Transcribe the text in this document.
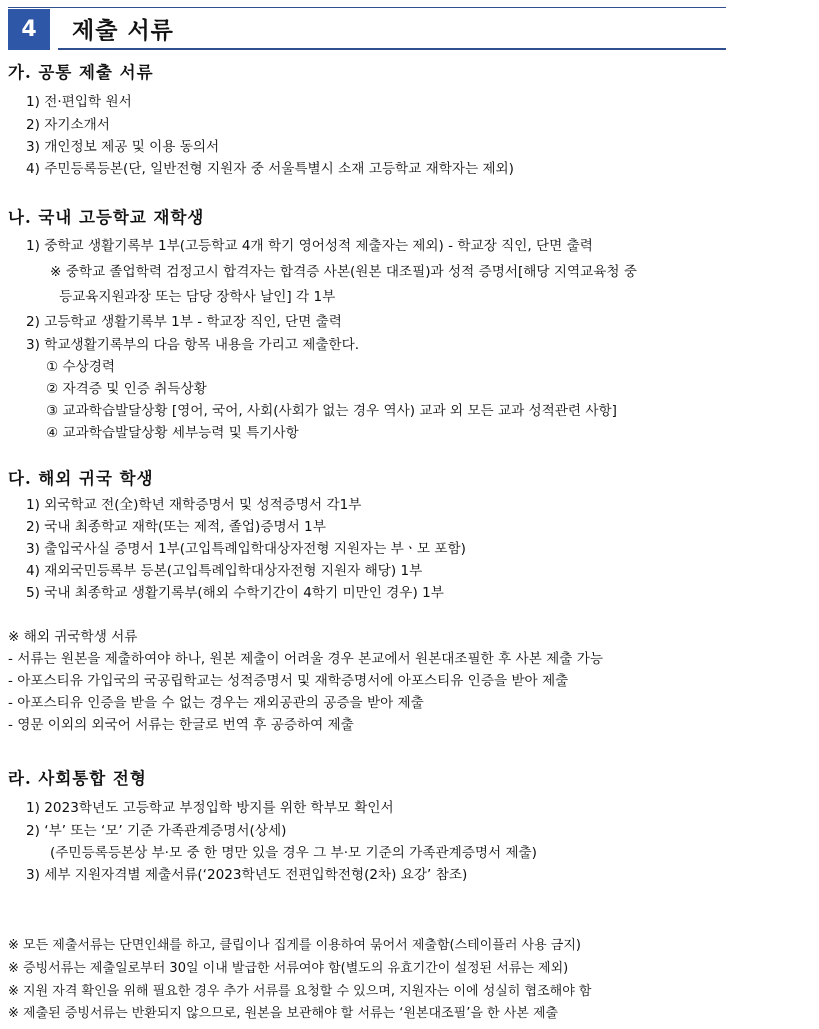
4	제출 서류
가. 공통 제출 서류
1) 전·편입학 원서
2) 자기소개서
3) 개인정보 제공 및 이용 동의서
4) 주민등록등본(단, 일반전형 지원자 중 서울특별시 소재 고등학교 재학자는 제외)
나. 국내 고등학교 재학생
1) 중학교 생활기록부 1부(고등학교 4개 학기 영어성적 제출자는 제외) - 학교장 직인, 단면 출력
※ 중학교 졸업학력 검정고시 합격자는 합격증 사본(원본 대조필)과 성적 증명서[해당 지역교육청 중
등교육지원과장 또는 담당 장학사 날인] 각 1부
2) 고등학교 생활기록부 1부 - 학교장 직인, 단면 출력
3) 학교생활기록부의 다음 항목 내용을 가리고 제출한다.
① 수상경력
② 자격증 및 인증 취득상황
③ 교과학습발달상황 [영어, 국어, 사회(사회가 없는 경우 역사) 교과 외 모든 교과 성적관련 사항]
④ 교과학습발달상황 세부능력 및 특기사항
다. 해외 귀국 학생
1) 외국학교 전(全)학년 재학증명서 및 성적증명서 각1부
2) 국내 최종학교 재학(또는 제적, 졸업)증명서 1부
3) 출입국사실 증명서 1부(고입특례입학대상자전형 지원자는 부ㆍ모 포함)
4) 재외국민등록부 등본(고입특례입학대상자전형 지원자 해당) 1부
5) 국내 최종학교 생활기록부(해외 수학기간이 4학기 미만인 경우) 1부
※ 해외 귀국학생 서류
- 서류는 원본을 제출하여야 하나, 원본 제출이 어려울 경우 본교에서 원본대조필한 후 사본 제출 가능
- 아포스티유 가입국의 국공립학교는 성적증명서 및 재학증명서에 아포스티유 인증을 받아 제출
- 아포스티유 인증을 받을 수 없는 경우는 재외공관의 공증을 받아 제출
- 영문 이외의 외국어 서류는 한글로 번역 후 공증하여 제출
라. 사회통합 전형
1) 2023학년도 고등학교 부정입학 방지를 위한 학부모 확인서
2) ‘부’ 또는 ‘모’ 기준 가족관계증명서(상세)
(주민등록등본상 부·모 중 한 명만 있을 경우 그 부·모 기준의 가족관계증명서 제출)
3) 세부 지원자격별 제출서류(‘2023학년도 전편입학전형(2차) 요강’ 참조)
※ 모든 제출서류는 단면인쇄를 하고, 클립이나 집게를 이용하여 묶어서 제출함(스테이플러 사용 금지)
※ 증빙서류는 제출일로부터 30일 이내 발급한 서류여야 함(별도의 유효기간이 설정된 서류는 제외)
※ 지원 자격 확인을 위해 필요한 경우 추가 서류를 요청할 수 있으며, 지원자는 이에 성실히 협조해야 함
※ 제출된 증빙서류는 반환되지 않으므로, 원본을 보관해야 할 서류는 ‘원본대조필’을 한 사본 제출
